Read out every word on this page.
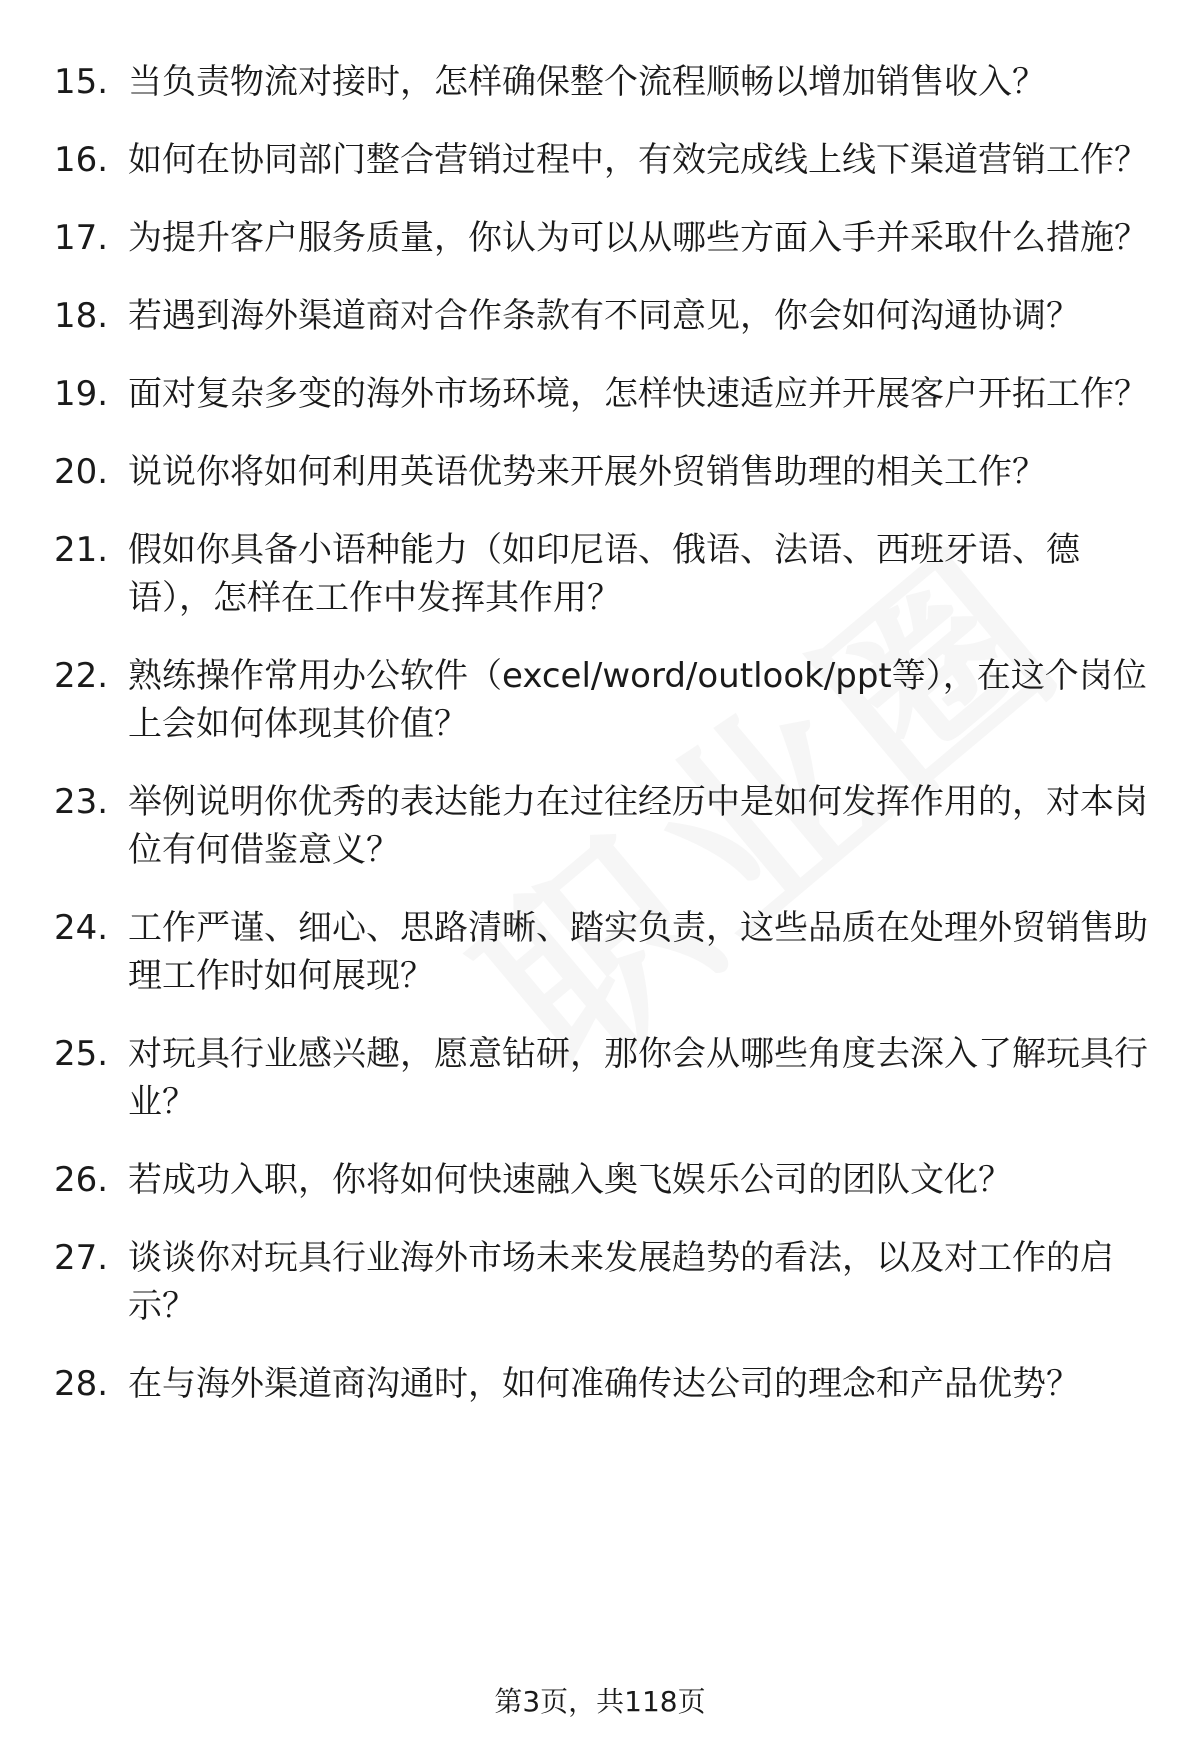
15. 当负责物流对接时，怎样确保整个流程顺畅以增加销售收入？
16. 如何在协同部门整合营销过程中，有效完成线上线下渠道营销工作？
17. 为提升客户服务质量，你认为可以从哪些方面入手并采取什么措施？
18. 若遇到海外渠道商对合作条款有不同意见，你会如何沟通协调？
19. 面对复杂多变的海外市场环境，怎样快速适应并开展客户开拓工作？
20. 说说你将如何利用英语优势来开展外贸销售助理的相关工作？
21. 假如你具备小语种能力（如印尼语、俄语、法语、西班牙语、德语），怎样在工作中发挥其作用？
22. 熟练操作常用办公软件（excel/word/outlook/ppt等），在这个岗位上会如何体现其价值？
23. 举例说明你优秀的表达能力在过往经历中是如何发挥作用的，对本岗位有何借鉴意义？
24. 工作严谨、细心、思路清晰、踏实负责，这些品质在处理外贸销售助理工作时如何展现？
25. 对玩具行业感兴趣，愿意钻研，那你会从哪些角度去深入了解玩具行业？
26. 若成功入职，你将如何快速融入奥飞娱乐公司的团队文化？
27. 谈谈你对玩具行业海外市场未来发展趋势的看法，以及对工作的启示？
28. 在与海外渠道商沟通时，如何准确传达公司的理念和产品优势？
第3页，共118页
